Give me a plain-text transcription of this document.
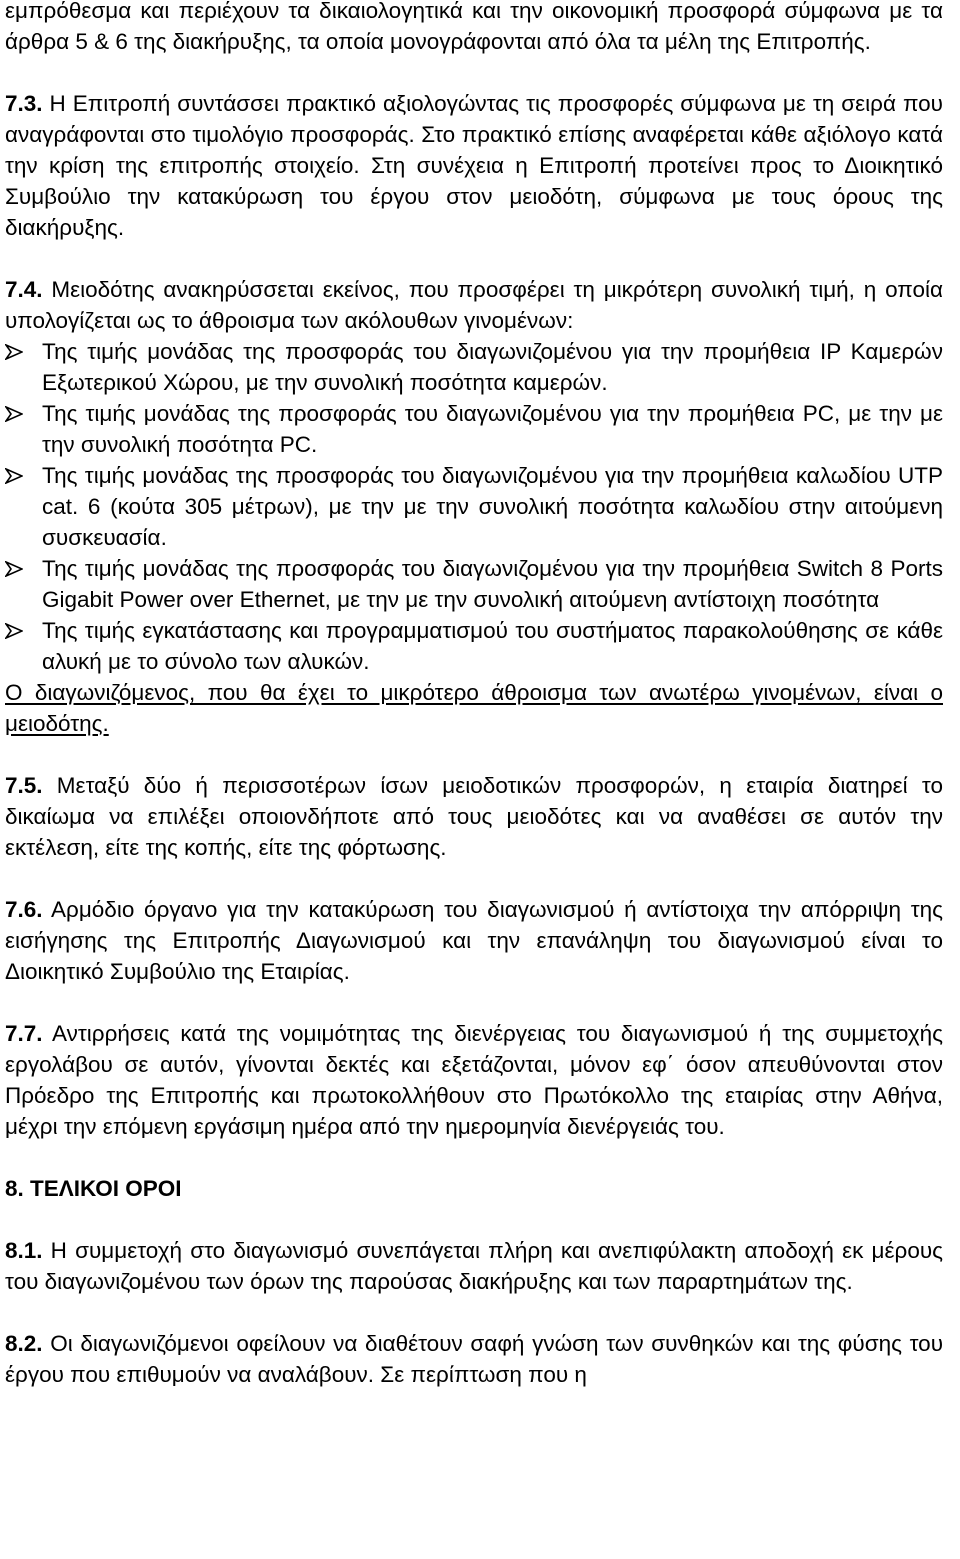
εμπρόθεσμα και περιέχουν τα δικαιολογητικά και την οικονομική προσφορά σύμφωνα με τα άρθρα 5 & 6 της διακήρυξης, τα οποία μονογράφονται από όλα τα μέλη της Επιτροπής.

7.3. Η Επιτροπή συντάσσει πρακτικό αξιολογώντας τις προσφορές σύμφωνα με τη σειρά που αναγράφονται στο τιμολόγιο προσφοράς. Στο πρακτικό επίσης αναφέρεται κάθε αξιόλογο κατά την κρίση της επιτροπής στοιχείο. Στη συνέχεια η Επιτροπή προτείνει προς το Διοικητικό Συμβούλιο την κατακύρωση του έργου στον μειοδότη, σύμφωνα με τους όρους της διακήρυξης.

7.4. Μειοδότης ανακηρύσσεται εκείνος, που προσφέρει τη μικρότερη συνολική τιμή, η οποία υπολογίζεται ως το άθροισμα των ακόλουθων γινομένων:

Της τιμής μονάδας της προσφοράς του διαγωνιζομένου για την προμήθεια IP Καμερών Εξωτερικού Χώρου, με την συνολική ποσότητα καμερών.
Της τιμής μονάδας της προσφοράς του διαγωνιζομένου για την προμήθεια PC, με την με την συνολική ποσότητα PC.
Της τιμής μονάδας της προσφοράς του διαγωνιζομένου για την προμήθεια καλωδίου UTP cat. 6 (κούτα 305 μέτρων), με την με την συνολική ποσότητα καλωδίου στην αιτούμενη συσκευασία.
Της τιμής μονάδας της προσφοράς του διαγωνιζομένου για την προμήθεια Switch 8 Ports Gigabit Power over Ethernet, με την με την συνολική αιτούμενη αντίστοιχη ποσότητα
Της τιμής εγκατάστασης και προγραμματισμού του συστήματος παρακολούθησης σε κάθε αλυκή με το σύνολο των αλυκών.

Ο διαγωνιζόμενος, που θα έχει το μικρότερο άθροισμα των ανωτέρω γινομένων, είναι ο μειοδότης.

7.5. Μεταξύ δύο ή περισσοτέρων ίσων μειοδοτικών προσφορών, η εταιρία διατηρεί το δικαίωμα να επιλέξει οποιονδήποτε από τους μειοδότες και να αναθέσει σε αυτόν την εκτέλεση, είτε της κοπής, είτε της φόρτωσης.

7.6. Αρμόδιο όργανο για την κατακύρωση του διαγωνισμού ή αντίστοιχα την απόρριψη της εισήγησης της Επιτροπής Διαγωνισμού και την επανάληψη του διαγωνισμού είναι το Διοικητικό Συμβούλιο της Εταιρίας.

7.7. Αντιρρήσεις κατά της νομιμότητας της διενέργειας του διαγωνισμού ή της συμμετοχής εργολάβου σε αυτόν, γίνονται δεκτές και εξετάζονται, μόνον εφ΄ όσον απευθύνονται στον Πρόεδρο της Επιτροπής και πρωτοκολλήθουν στο Πρωτόκολλο της εταιρίας στην Αθήνα, μέχρι την επόμενη εργάσιμη ημέρα από την ημερομηνία διενέργειάς του.

8. ΤΕΛΙΚΟΙ ΟΡΟΙ

8.1. Η συμμετοχή στο διαγωνισμό συνεπάγεται πλήρη και ανεπιφύλακτη αποδοχή εκ μέρους του διαγωνιζομένου των όρων της παρούσας διακήρυξης και των παραρτημάτων της.

8.2. Οι διαγωνιζόμενοι οφείλουν να διαθέτουν σαφή γνώση των συνθηκών και της φύσης του έργου που επιθυμούν να αναλάβουν. Σε περίπτωση που η
